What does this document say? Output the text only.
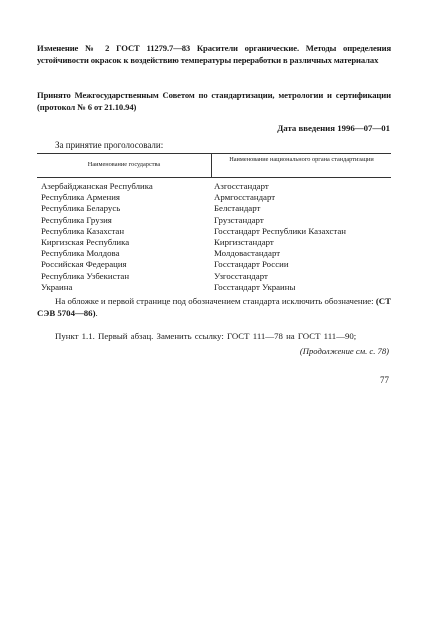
Изменение № 2 ГОСТ 11279.7—83 Красители органические. Методы определения устойчивости окрасок к воздействию температуры переработки в различных материалах
Принято Межгосударственным Советом по стандартизации, метрологии и сертификации (протокол № 6 от 21.10.94)
Дата введения 1996—07—01
За принятие проголосовали:
Наименование государства
Наименование национального органа стандартизации
Азербайджанская Республика
Республика Армения
Республика Беларусь
Республика Грузия
Республика Казахстан
Киргизская Республика
Республика Молдова
Российская Федерация
Республика Узбекистан
Украина
Азгосстандарт
Армгосстандарт
Белстандарт
Грузстандарт
Госстандарт Республики Казахстан
Киргизстандарт
Молдовастандарт
Госстандарт России
Узгосстандарт
Госстандарт Украины
На обложке и первой странице под обозначением стандарта исключить обозначение: (СТ СЭВ 5704—86).
Пункт 1.1. Первый абзац. Заменить ссылку: ГОСТ 111—78 на ГОСТ 111—90;
(Продолжение см. с. 78)
77
